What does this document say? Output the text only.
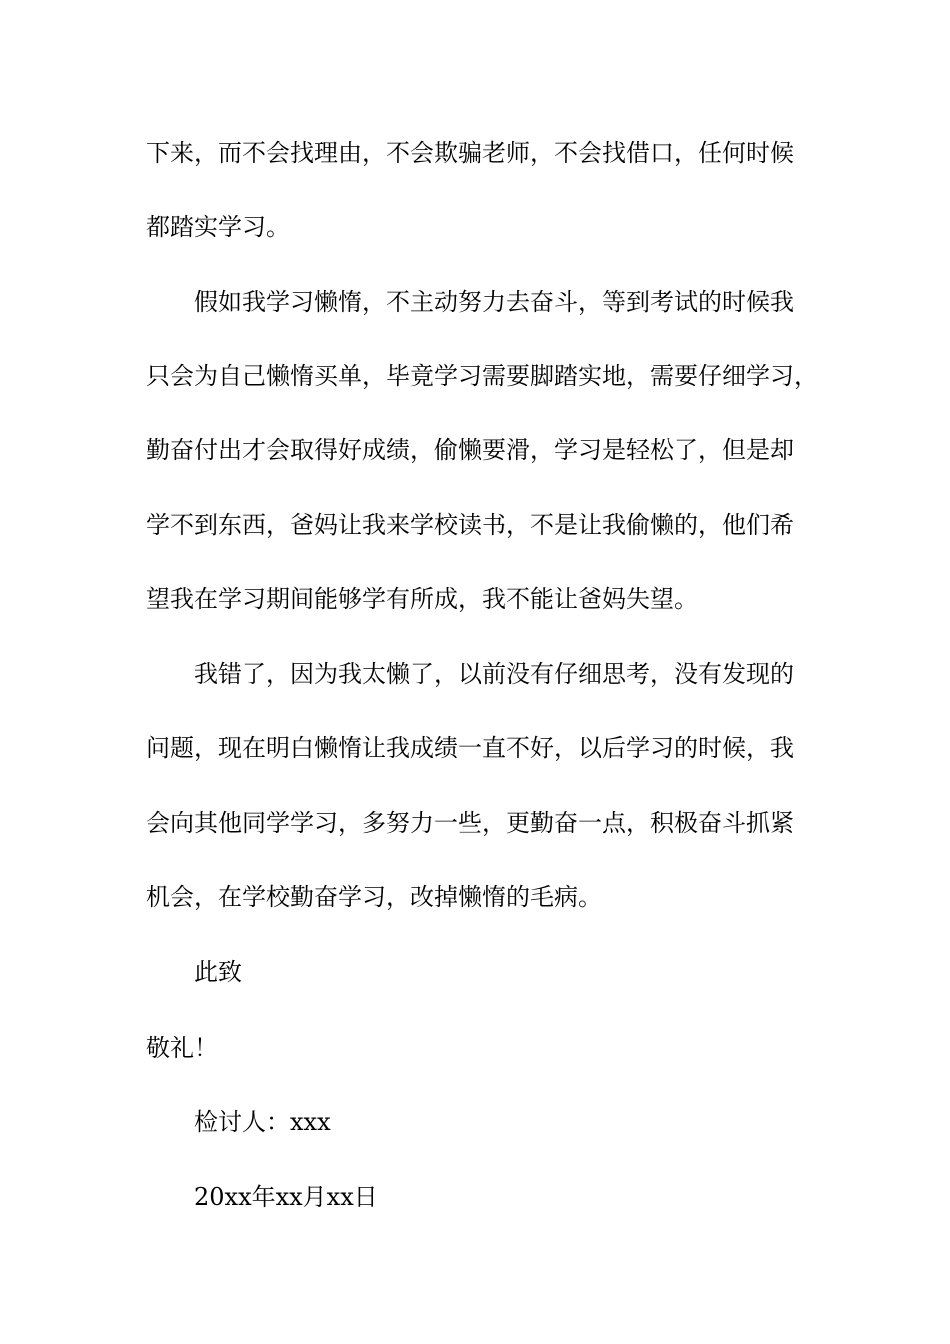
下来，而不会找理由，不会欺骗老师，不会找借口，任何时候
都踏实学习。
假如我学习懒惰，不主动努力去奋斗，等到考试的时候我
只会为自己懒惰买单，毕竟学习需要脚踏实地，需要仔细学习，
勤奋付出才会取得好成绩，偷懒要滑，学习是轻松了，但是却
学不到东西，爸妈让我来学校读书，不是让我偷懒的，他们希
望我在学习期间能够学有所成，我不能让爸妈失望。
我错了，因为我太懒了，以前没有仔细思考，没有发现的
问题，现在明白懒惰让我成绩一直不好，以后学习的时候，我
会向其他同学学习，多努力一些，更勤奋一点，积极奋斗抓紧
机会，在学校勤奋学习，改掉懒惰的毛病。
此致
敬礼！
检讨人：xxx
20xx年xx月xx日
